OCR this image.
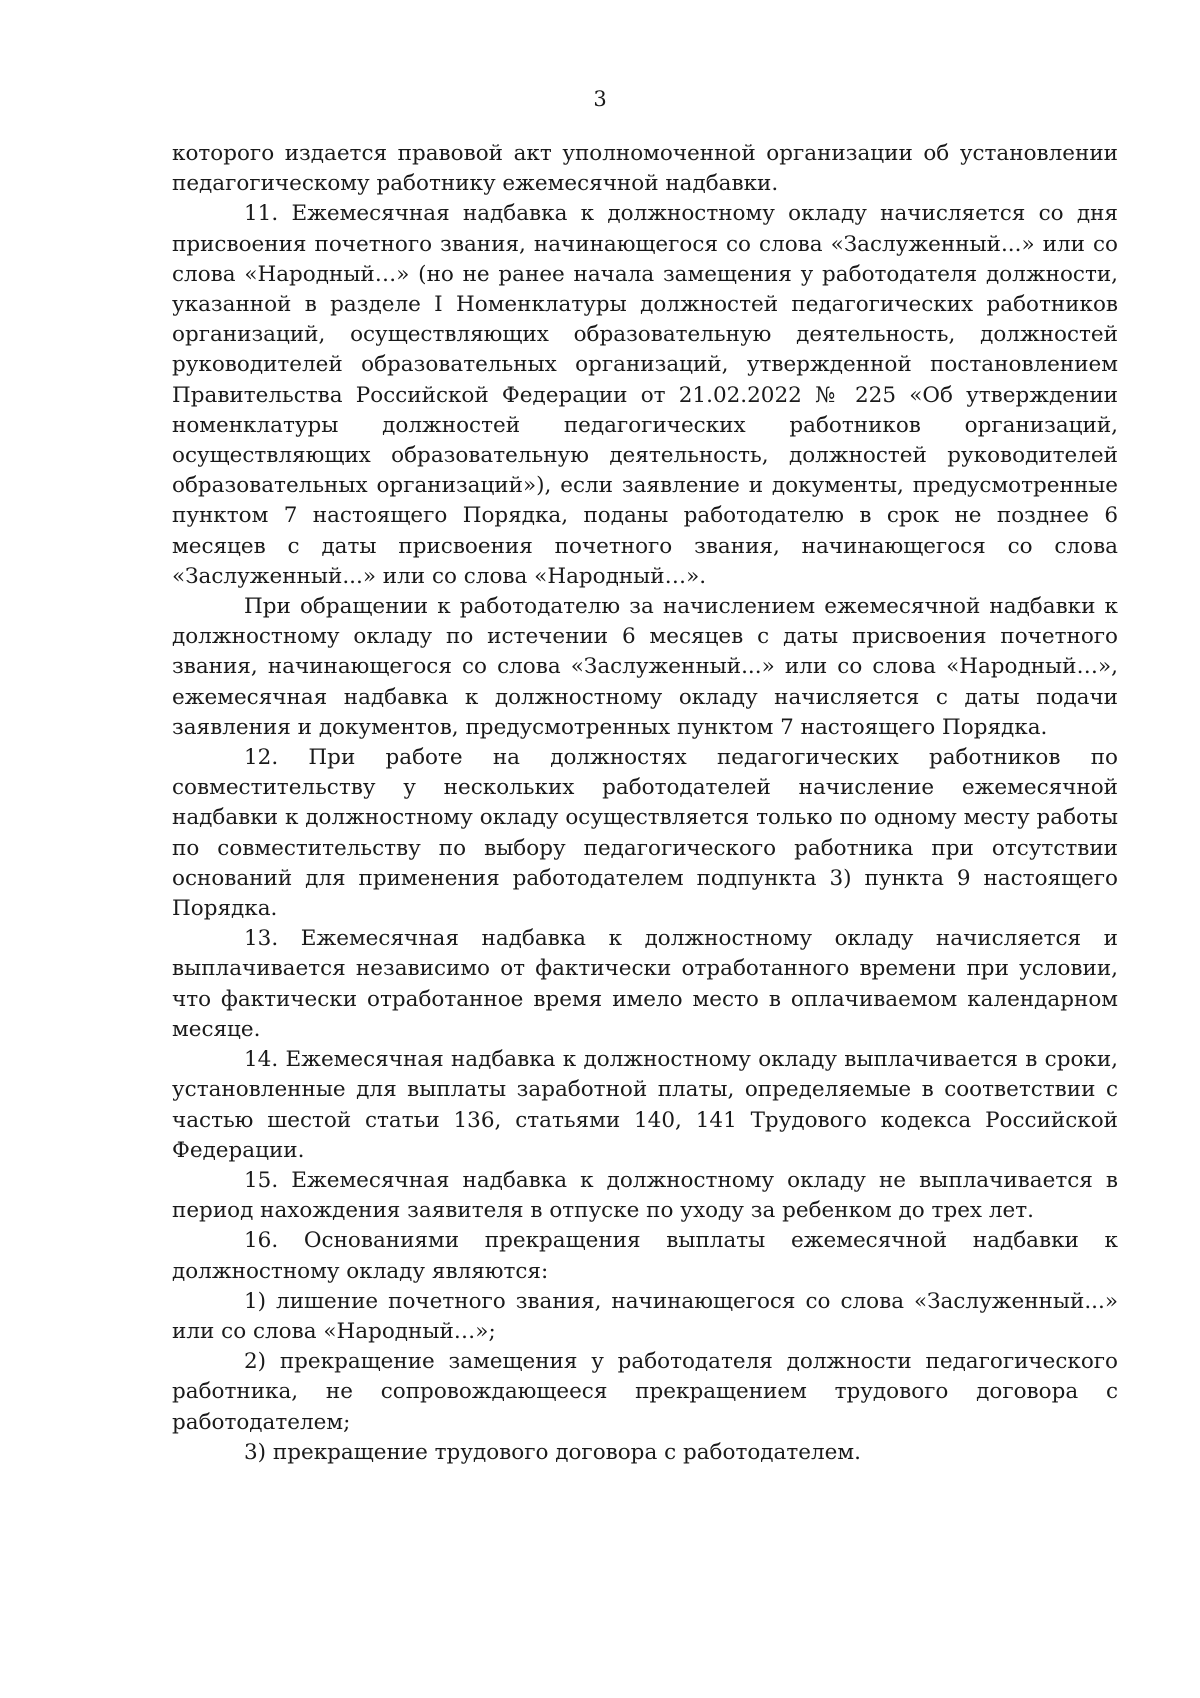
3

которого издается правовой акт уполномоченной организации об установлении педагогическому работнику ежемесячной надбавки.

11. Ежемесячная надбавка к должностному окладу начисляется со дня присвоения почетного звания, начинающегося со слова «Заслуженный...» или со слова «Народный…» (но не ранее начала замещения у работодателя должности, указанной в разделе I Номенклатуры должностей педагогических работников организаций, осуществляющих образовательную деятельность, должностей руководителей образовательных организаций, утвержденной постановлением Правительства Российской Федерации от 21.02.2022 № 225 «Об утверждении номенклатуры должностей педагогических работников организаций, осуществляющих образовательную деятельность, должностей руководителей образовательных организаций»), если заявление и документы, предусмотренные пунктом 7 настоящего Порядка, поданы работодателю в срок не позднее 6 месяцев с даты присвоения почетного звания, начинающегося со слова «Заслуженный...» или со слова «Народный…».

При обращении к работодателю за начислением ежемесячной надбавки к должностному окладу по истечении 6 месяцев с даты присвоения почетного звания, начинающегося со слова «Заслуженный...» или со слова «Народный…», ежемесячная надбавка к должностному окладу начисляется с даты подачи заявления и документов, предусмотренных пунктом 7 настоящего Порядка.

12. При работе на должностях педагогических работников по совместительству у нескольких работодателей начисление ежемесячной надбавки к должностному окладу осуществляется только по одному месту работы по совместительству по выбору педагогического работника при отсутствии оснований для применения работодателем подпункта 3) пункта 9 настоящего Порядка.

13. Ежемесячная надбавка к должностному окладу начисляется и выплачивается независимо от фактически отработанного времени при условии, что фактически отработанное время имело место в оплачиваемом календарном месяце.

14. Ежемесячная надбавка к должностному окладу выплачивается в сроки, установленные для выплаты заработной платы, определяемые в соответствии с частью шестой статьи 136, статьями 140, 141 Трудового кодекса Российской Федерации.

15. Ежемесячная надбавка к должностному окладу не выплачивается в период нахождения заявителя в отпуске по уходу за ребенком до трех лет.

16. Основаниями прекращения выплаты ежемесячной надбавки к должностному окладу являются:

1) лишение почетного звания, начинающегося со слова «Заслуженный...» или со слова «Народный…»;

2) прекращение замещения у работодателя должности педагогического работника, не сопровождающееся прекращением трудового договора с работодателем;

3) прекращение трудового договора с работодателем.
